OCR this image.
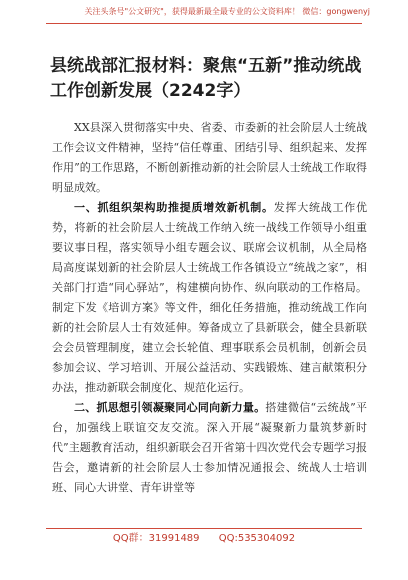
关注头条号"公文研究"，获得最新最全最专业的公文资料库！ 微信：gongwenyj
县统战部汇报材料：聚焦“五新”推动统战工作创新发展（2242字）

XX县深入贯彻落实中央、省委、市委新的社会阶层人士统战工作会议文件精神，坚持“信任尊重、团结引导、组织起来、发挥作用”的工作思路，不断创新推动新的社会阶层人士统战工作取得明显成效。

一、抓组织架构助推提质增效新机制。发挥大统战工作优势，将新的社会阶层人士统战工作纳入统一战线工作领导小组重要议事日程，落实领导小组专题会议、联席会议机制，从全局格局高度谋划新的社会阶层人士统战工作各镇设立“统战之家”，相关部门打造“同心驿站”，构建横向协作、纵向联动的工作格局。制定下发《培训方案》等文件，细化任务措施，推动统战工作向新的社会阶层人士有效延伸。筹备成立了县新联会，健全县新联会会员管理制度，建立会长轮值、理事联系会员机制，创新会员参加会议、学习培训、开展公益活动、实践锻炼、建言献策积分办法，推动新联会制度化、规范化运行。

二、抓思想引领凝聚同心同向新力量。搭建微信“云统战”平台，加强线上联谊交友交流。深入开展“凝聚新力量筑梦新时代”主题教育活动，组织新联会召开省第十四次党代会专题学习报告会，邀请新的社会阶层人士参加情况通报会、统战人士培训班、同心大讲堂、青年讲堂等

QQ群：31991489 QQ:535304092
